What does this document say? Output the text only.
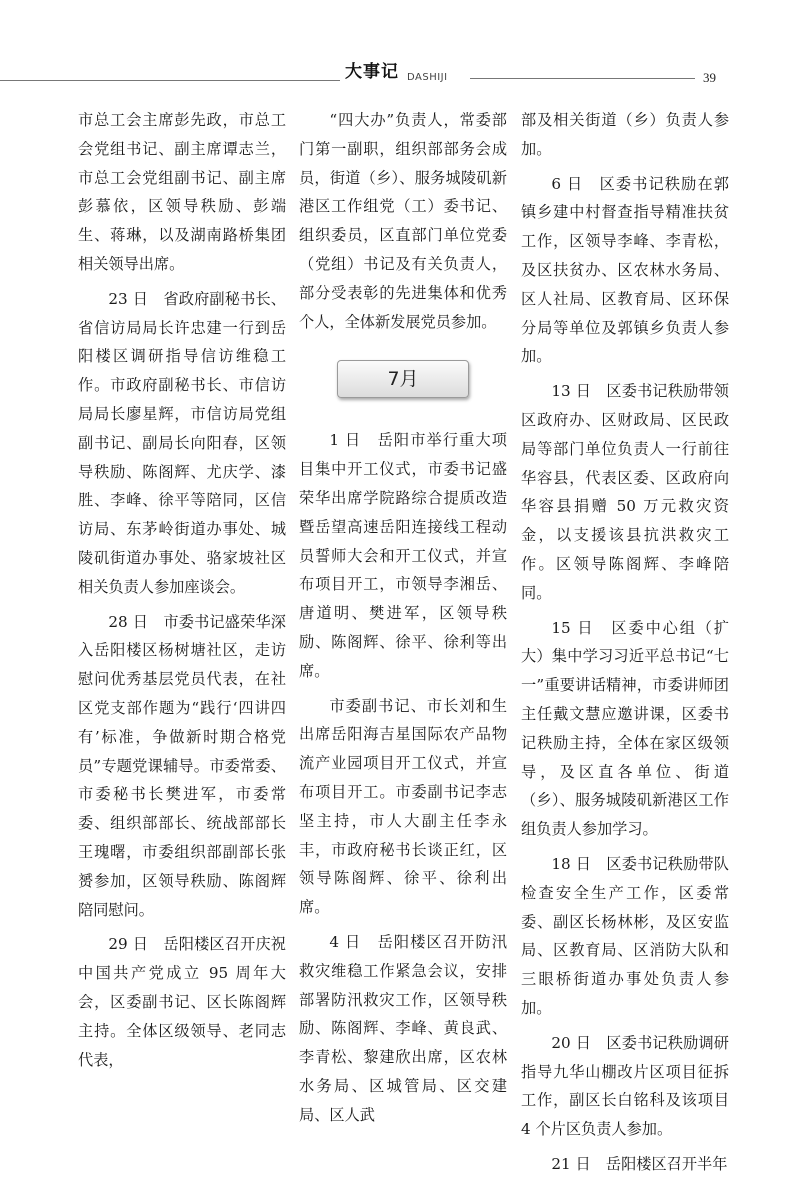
大事记 DASHIJI	39

市总工会主席彭先政，市总工会党组书记、副主席谭志兰，市总工会党组副书记、副主席彭慕依，区领导秩励、彭端生、蒋琳，以及湖南路桥集团相关领导出席。

23 日　省政府副秘书长、省信访局局长许忠建一行到岳阳楼区调研指导信访维稳工作。市政府副秘书长、市信访局局长廖星辉，市信访局党组副书记、副局长向阳春，区领导秩励、陈阁辉、尤庆学、漆胜、李峰、徐平等陪同，区信访局、东茅岭街道办事处、城陵矶街道办事处、骆家坡社区相关负责人参加座谈会。

28 日　市委书记盛荣华深入岳阳楼区杨树塘社区，走访慰问优秀基层党员代表，在社区党支部作题为“践行‘四讲四有’标准，争做新时期合格党员”专题党课辅导。市委常委、市委秘书长樊进军，市委常委、组织部部长、统战部部长王瑰曙，市委组织部副部长张赟参加，区领导秩励、陈阁辉陪同慰问。

29 日　岳阳楼区召开庆祝中国共产党成立 95 周年大会，区委副书记、区长陈阁辉主持。全体区级领导、老同志代表，

“四大办”负责人，常委部门第一副职，组织部部务会成员，街道（乡）、服务城陵矶新港区工作组党（工）委书记、组织委员，区直部门单位党委（党组）书记及有关负责人，部分受表彰的先进集体和优秀个人，全体新发展党员参加。

7月

1 日　岳阳市举行重大项目集中开工仪式，市委书记盛荣华出席学院路综合提质改造暨岳望高速岳阳连接线工程动员誓师大会和开工仪式，并宣布项目开工，市领导李湘岳、唐道明、樊进军，区领导秩励、陈阁辉、徐平、徐利等出席。

市委副书记、市长刘和生出席岳阳海吉星国际农产品物流产业园项目开工仪式，并宣布项目开工。市委副书记李志坚主持，市人大副主任李永丰，市政府秘书长谈正红，区领导陈阁辉、徐平、徐利出席。

4 日　岳阳楼区召开防汛救灾维稳工作紧急会议，安排部署防汛救灾工作，区领导秩励、陈阁辉、李峰、黄良武、李青松、黎建欣出席，区农林水务局、区城管局、区交建局、区人武

部及相关街道（乡）负责人参加。

6 日　区委书记秩励在郭镇乡建中村督查指导精准扶贫工作，区领导李峰、李青松，及区扶贫办、区农林水务局、区人社局、区教育局、区环保分局等单位及郭镇乡负责人参加。

13 日　区委书记秩励带领区政府办、区财政局、区民政局等部门单位负责人一行前往华容县，代表区委、区政府向华容县捐赠 50 万元救灾资金，以支援该县抗洪救灾工作。区领导陈阁辉、李峰陪同。

15 日　区委中心组（扩大）集中学习习近平总书记“七一”重要讲话精神，市委讲师团主任戴文慧应邀讲课，区委书记秩励主持，全体在家区级领导，及区直各单位、街道（乡）、服务城陵矶新港区工作组负责人参加学习。

18 日　区委书记秩励带队检查安全生产工作，区委常委、副区长杨林彬，及区安监局、区教育局、区消防大队和三眼桥街道办事处负责人参加。

20 日　区委书记秩励调研指导九华山棚改片区项目征拆工作，副区长白铭科及该项目 4 个片区负责人参加。

21 日　岳阳楼区召开半年
